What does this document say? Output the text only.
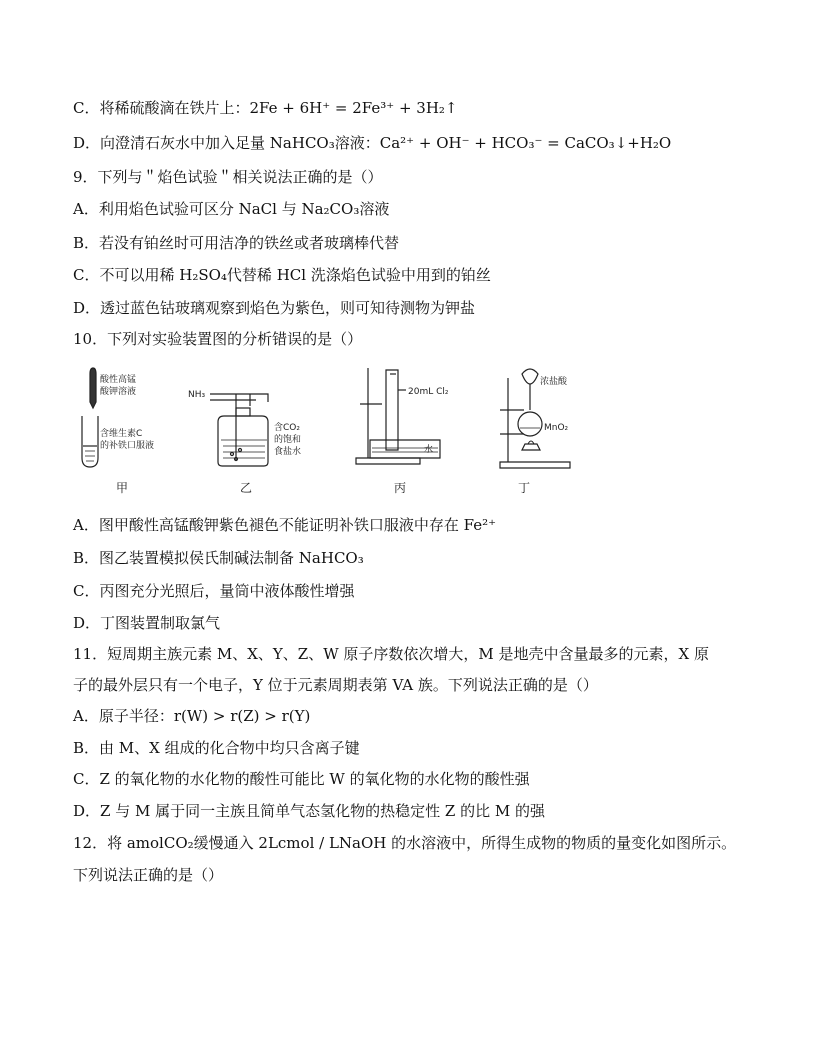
C．将稀硫酸滴在铁片上：2Fe + 6H⁺ = 2Fe³⁺ + 3H₂↑
D．向澄清石灰水中加入足量 NaHCO₃溶液：Ca²⁺ + OH⁻ + HCO₃⁻ = CaCO₃↓+H₂O
9．下列与＂焰色试验＂相关说法正确的是（）
A．利用焰色试验可区分 NaCl 与 Na₂CO₃溶液
B．若没有铂丝时可用洁净的铁丝或者玻璃棒代替
C．不可以用稀 H₂SO₄代替稀 HCl 洗涤焰色试验中用到的铂丝
D．透过蓝色钴玻璃观察到焰色为紫色，则可知待测物为钾盐
10．下列对实验装置图的分析错误的是（）
酸性高锰
酸钾溶液
含维生素C
的补铁口服液
NH₃
含CO₂
的饱和
食盐水
20mL Cl₂
水
浓盐酸
MnO₂
甲	乙	丙	丁
A．图甲酸性高锰酸钾紫色褪色不能证明补铁口服液中存在 Fe²⁺
B．图乙装置模拟侯氏制碱法制备 NaHCO₃
C．丙图充分光照后，量筒中液体酸性增强
D．丁图装置制取氯气
11．短周期主族元素 M、X、Y、Z、W 原子序数依次增大，M 是地壳中含量最多的元素，X 原
子的最外层只有一个电子，Y 位于元素周期表第 VA 族。下列说法正确的是（）
A．原子半径：r(W) > r(Z) > r(Y)
B．由 M、X 组成的化合物中均只含离子键
C．Z 的氧化物的水化物的酸性可能比 W 的氧化物的水化物的酸性强
D．Z 与 M 属于同一主族且简单气态氢化物的热稳定性 Z 的比 M 的强
12．将 amolCO₂缓慢通入 2Lcmol / LNaOH 的水溶液中，所得生成物的物质的量变化如图所示。
下列说法正确的是（）
